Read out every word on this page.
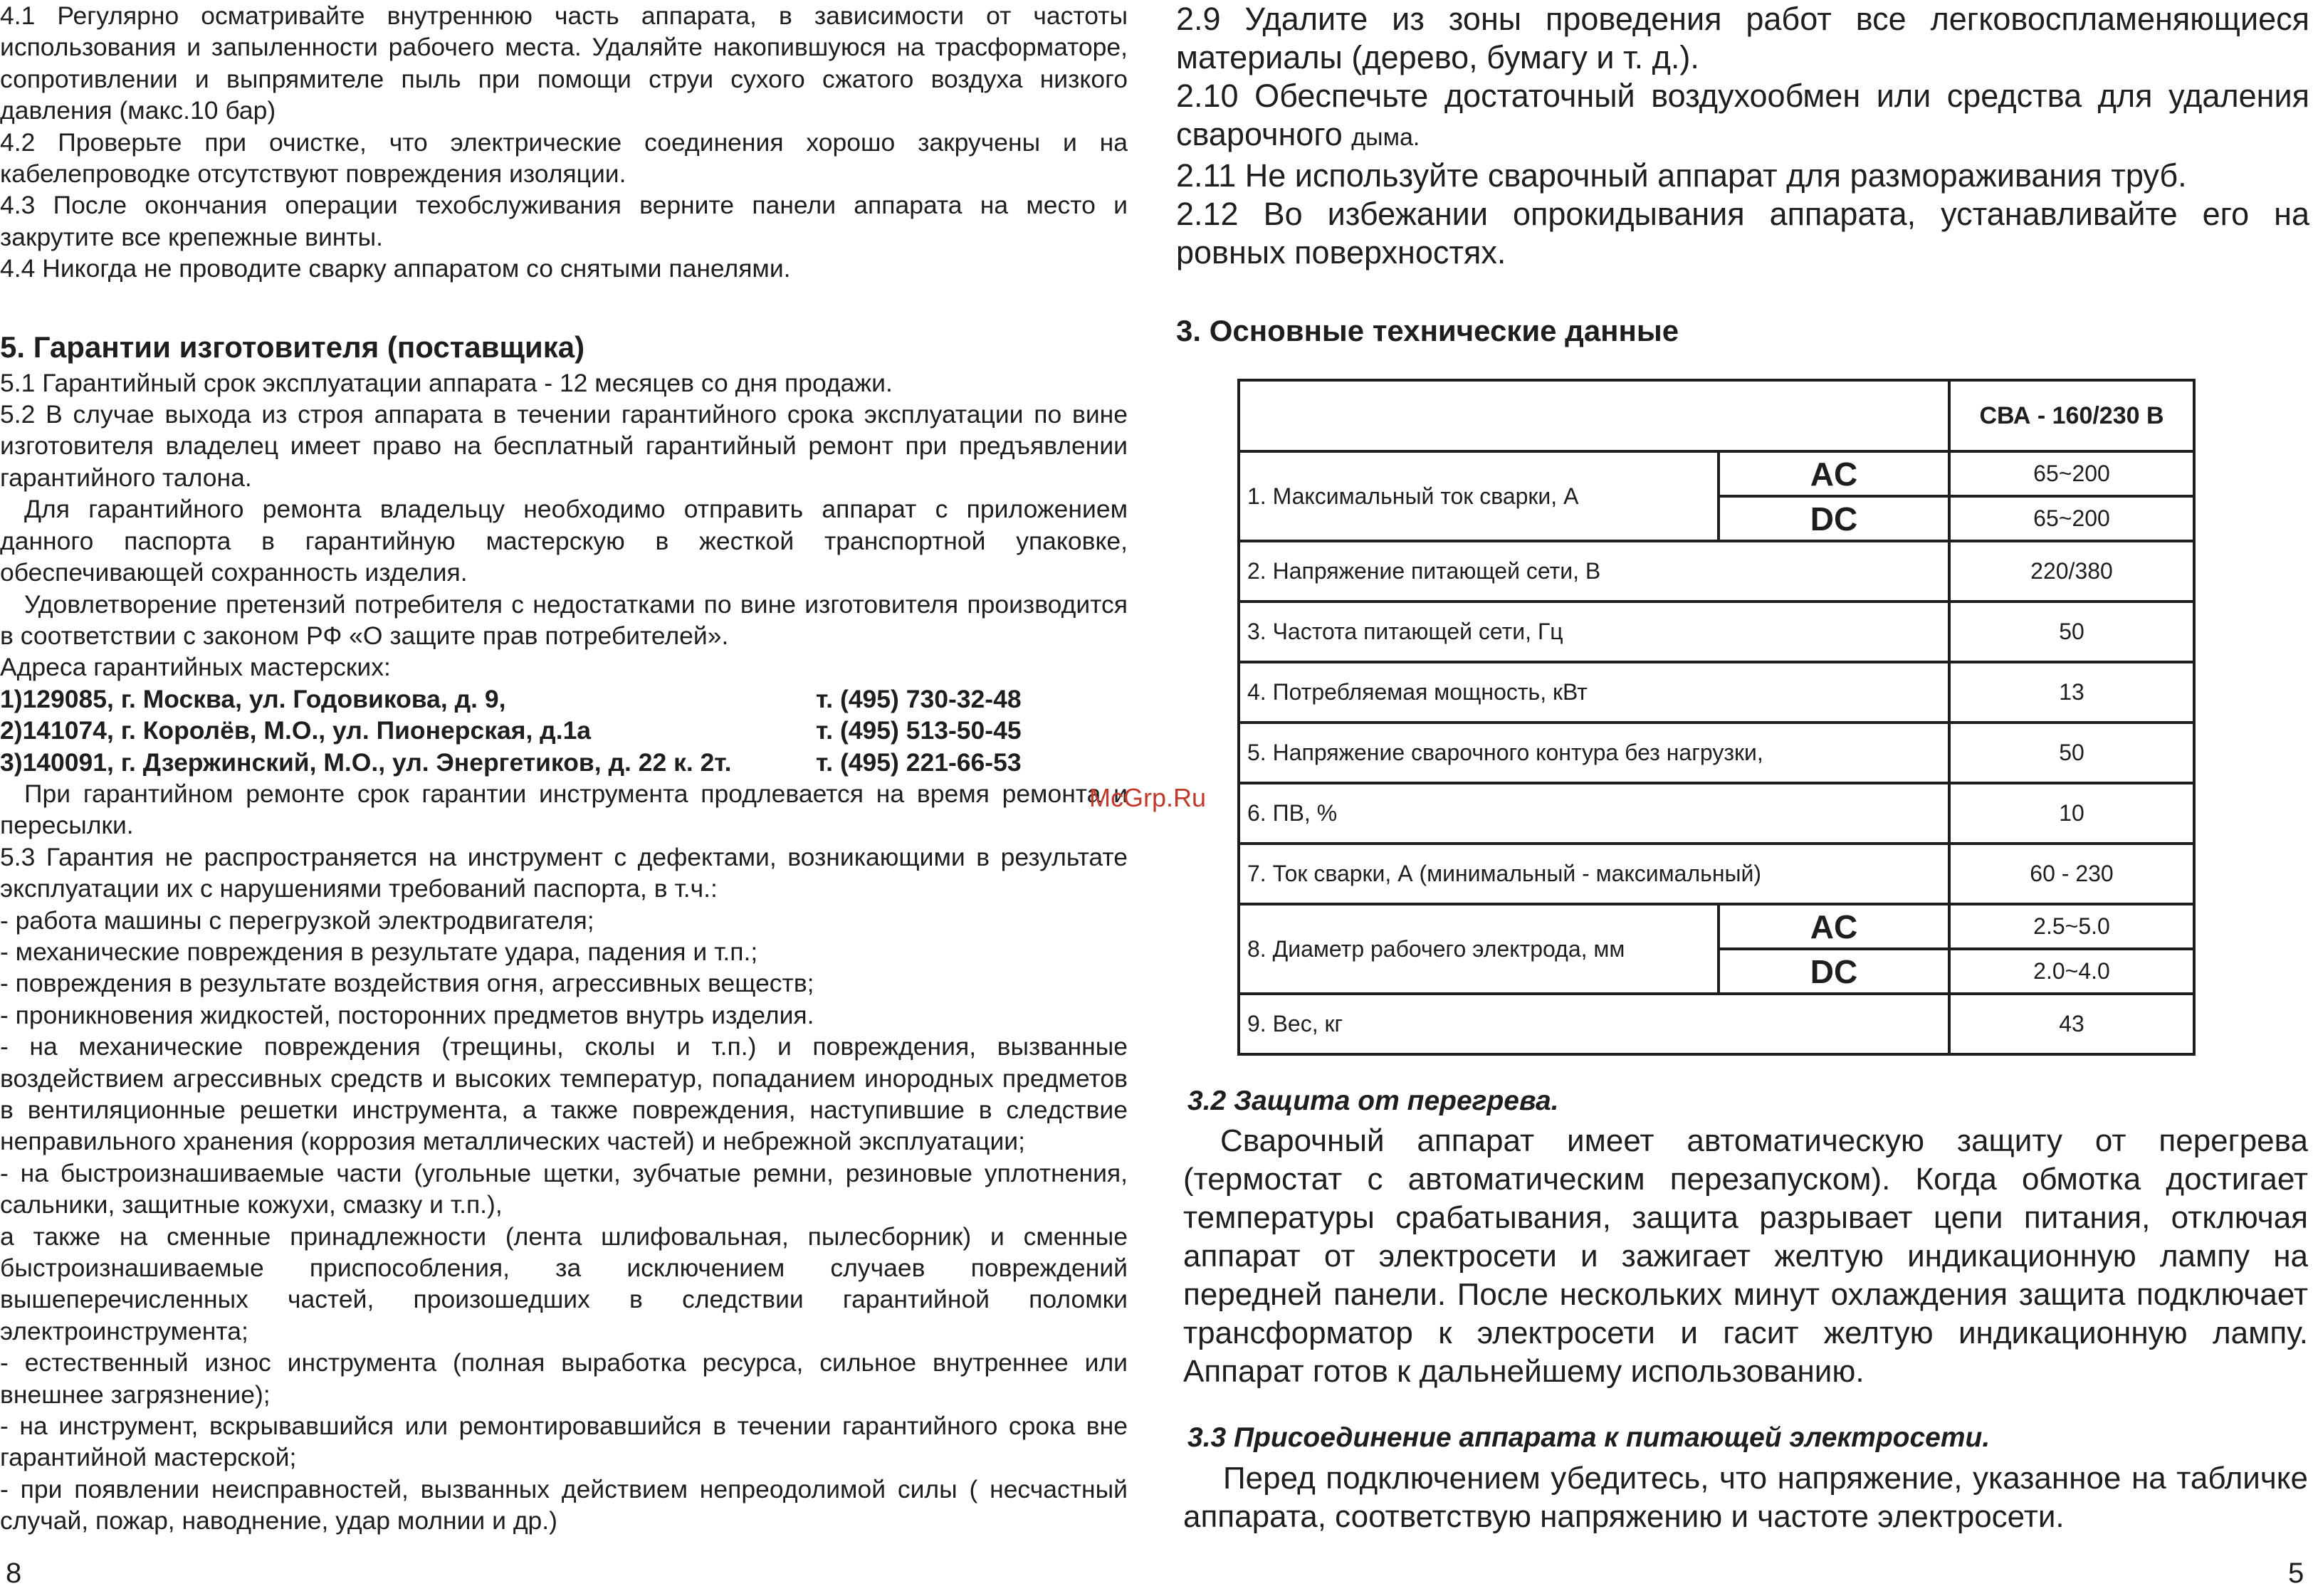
4.1 Регулярно осматривайте внутреннюю часть аппарата, в зависимости от частоты использования и запыленности рабочего места. Удаляйте накопившуюся на трасформаторе, сопротивлении и выпрямителе пыль при помощи струи сухого сжатого воздуха низкого давления (макс.10 бар)

4.2 Проверьте при очистке, что электрические соединения хорошо закручены и на кабелепроводке отсутствуют повреждения изоляции.

4.3 После окончания операции техобслуживания верните панели аппарата на место и закрутите все крепежные винты.

4.4 Никогда не проводите сварку аппаратом со снятыми панелями.

5. Гарантии изготовителя (поставщика)

5.1 Гарантийный срок эксплуатации аппарата - 12 месяцев со дня продажи.

5.2 В случае выхода из строя аппарата в течении гарантийного срока эксплуатации по вине изготовителя владелец имеет право на бесплатный гарантийный ремонт при предъявлении гарантийного талона.

Для гарантийного ремонта владельцу необходимо отправить аппарат с приложением данного паспорта в гарантийную мастерскую в жесткой транспортной упаковке, обеспечивающей сохранность изделия.

Удовлетворение претензий потребителя с недостатками по вине изготовителя производится в соответствии с законом РФ «О защите прав потребителей».

Адреса гарантийных мастерских:

1)129085, г. Москва, ул. Годовикова, д. 9,	т. (495) 730-32-48
2)141074, г. Королёв, М.О., ул. Пионерская, д.1а	т. (495) 513-50-45
3)140091, г. Дзержинский, М.О., ул. Энергетиков, д. 22 к. 2т.	т. (495) 221-66-53

При гарантийном ремонте срок гарантии инструмента продлевается на время ремонта и пересылки.

5.3 Гарантия не распространяется на инструмент с дефектами, возникающими в результате эксплуатации их с нарушениями требований паспорта, в т.ч.:

- работа машины с перегрузкой электродвигателя;

- механические повреждения в результате удара, падения и т.п.;

- повреждения в результате воздействия огня, агрессивных веществ;

- проникновения жидкостей, посторонних предметов внутрь изделия.

- на механические повреждения (трещины, сколы и т.п.) и повреждения, вызванные воздействием агрессивных средств и высоких температур, попаданием инородных предметов в вентиляционные решетки инструмента, а также повреждения, наступившие в следствие неправильного хранения (коррозия металлических частей) и небрежной эксплуатации;

- на быстроизнашиваемые части (угольные щетки, зубчатые ремни, резиновые уплотнения, сальники, защитные кожухи, смазку и т.п.),

а также на сменные принадлежности (лента шлифовальная, пылесборник) и сменные быстроизнашиваемые приспособления, за исключением случаев повреждений вышеперечисленных частей, произошедших в следствии гарантийной поломки электроинструмента;

- естественный износ инструмента (полная выработка ресурса, сильное внутреннее или внешнее загрязнение);

- на инструмент, вскрывавшийся или ремонтировавшийся в течении гарантийного срока вне гарантийной мастерской;

- при появлении неисправностей, вызванных действием непреодолимой силы ( несчастный случай, пожар, наводнение, удар молнии и др.)

8

2.9 Удалите из зоны проведения работ все легковоспламеняющиеся материалы (дерево, бумагу и т. д.).

2.10 Обеспечьте достаточный воздухообмен или средства для удаления сварочного дыма.

2.11 Не используйте сварочный аппарат для размораживания труб.

2.12 Во избежании опрокидывания аппарата, устанавливайте его на ровных поверхностях.

3. Основные технические данные
		СВА - 160/230 В
1. Максимальный ток сварки, А	AC	65~200
	DC	65~200
2. Напряжение питающей сети, В		220/380
3. Частота питающей сети, Гц		50
4. Потребляемая мощность, кВт		13
5. Напряжение сварочного контура без нагрузки,		50
6. ПВ, %		10
7. Ток сварки, А (минимальный - максимальный)		60 - 230
8. Диаметр рабочего электрода, мм	AC	2.5~5.0
	DC	2.0~4.0
9. Вес, кг		43
3.2 Защита от перегрева.

Сварочный аппарат имеет автоматическую защиту от перегрева (термостат с автоматическим перезапуском). Когда обмотка достигает температуры срабатывания, защита разрывает цепи питания, отключая аппарат от электросети и зажигает желтую индикационную лампу на передней панели. После нескольких минут охлаждения защита подключает трансформатор к электросети и гасит желтую индикационную лампу. Аппарат готов к дальнейшему использованию.

3.3 Присоединение аппарата к питающей электросети.

Перед подключением убедитесь, что напряжение, указанное на табличке аппарата, соответствую напряжению и частоте электросети.

5
McGrp.Ru
